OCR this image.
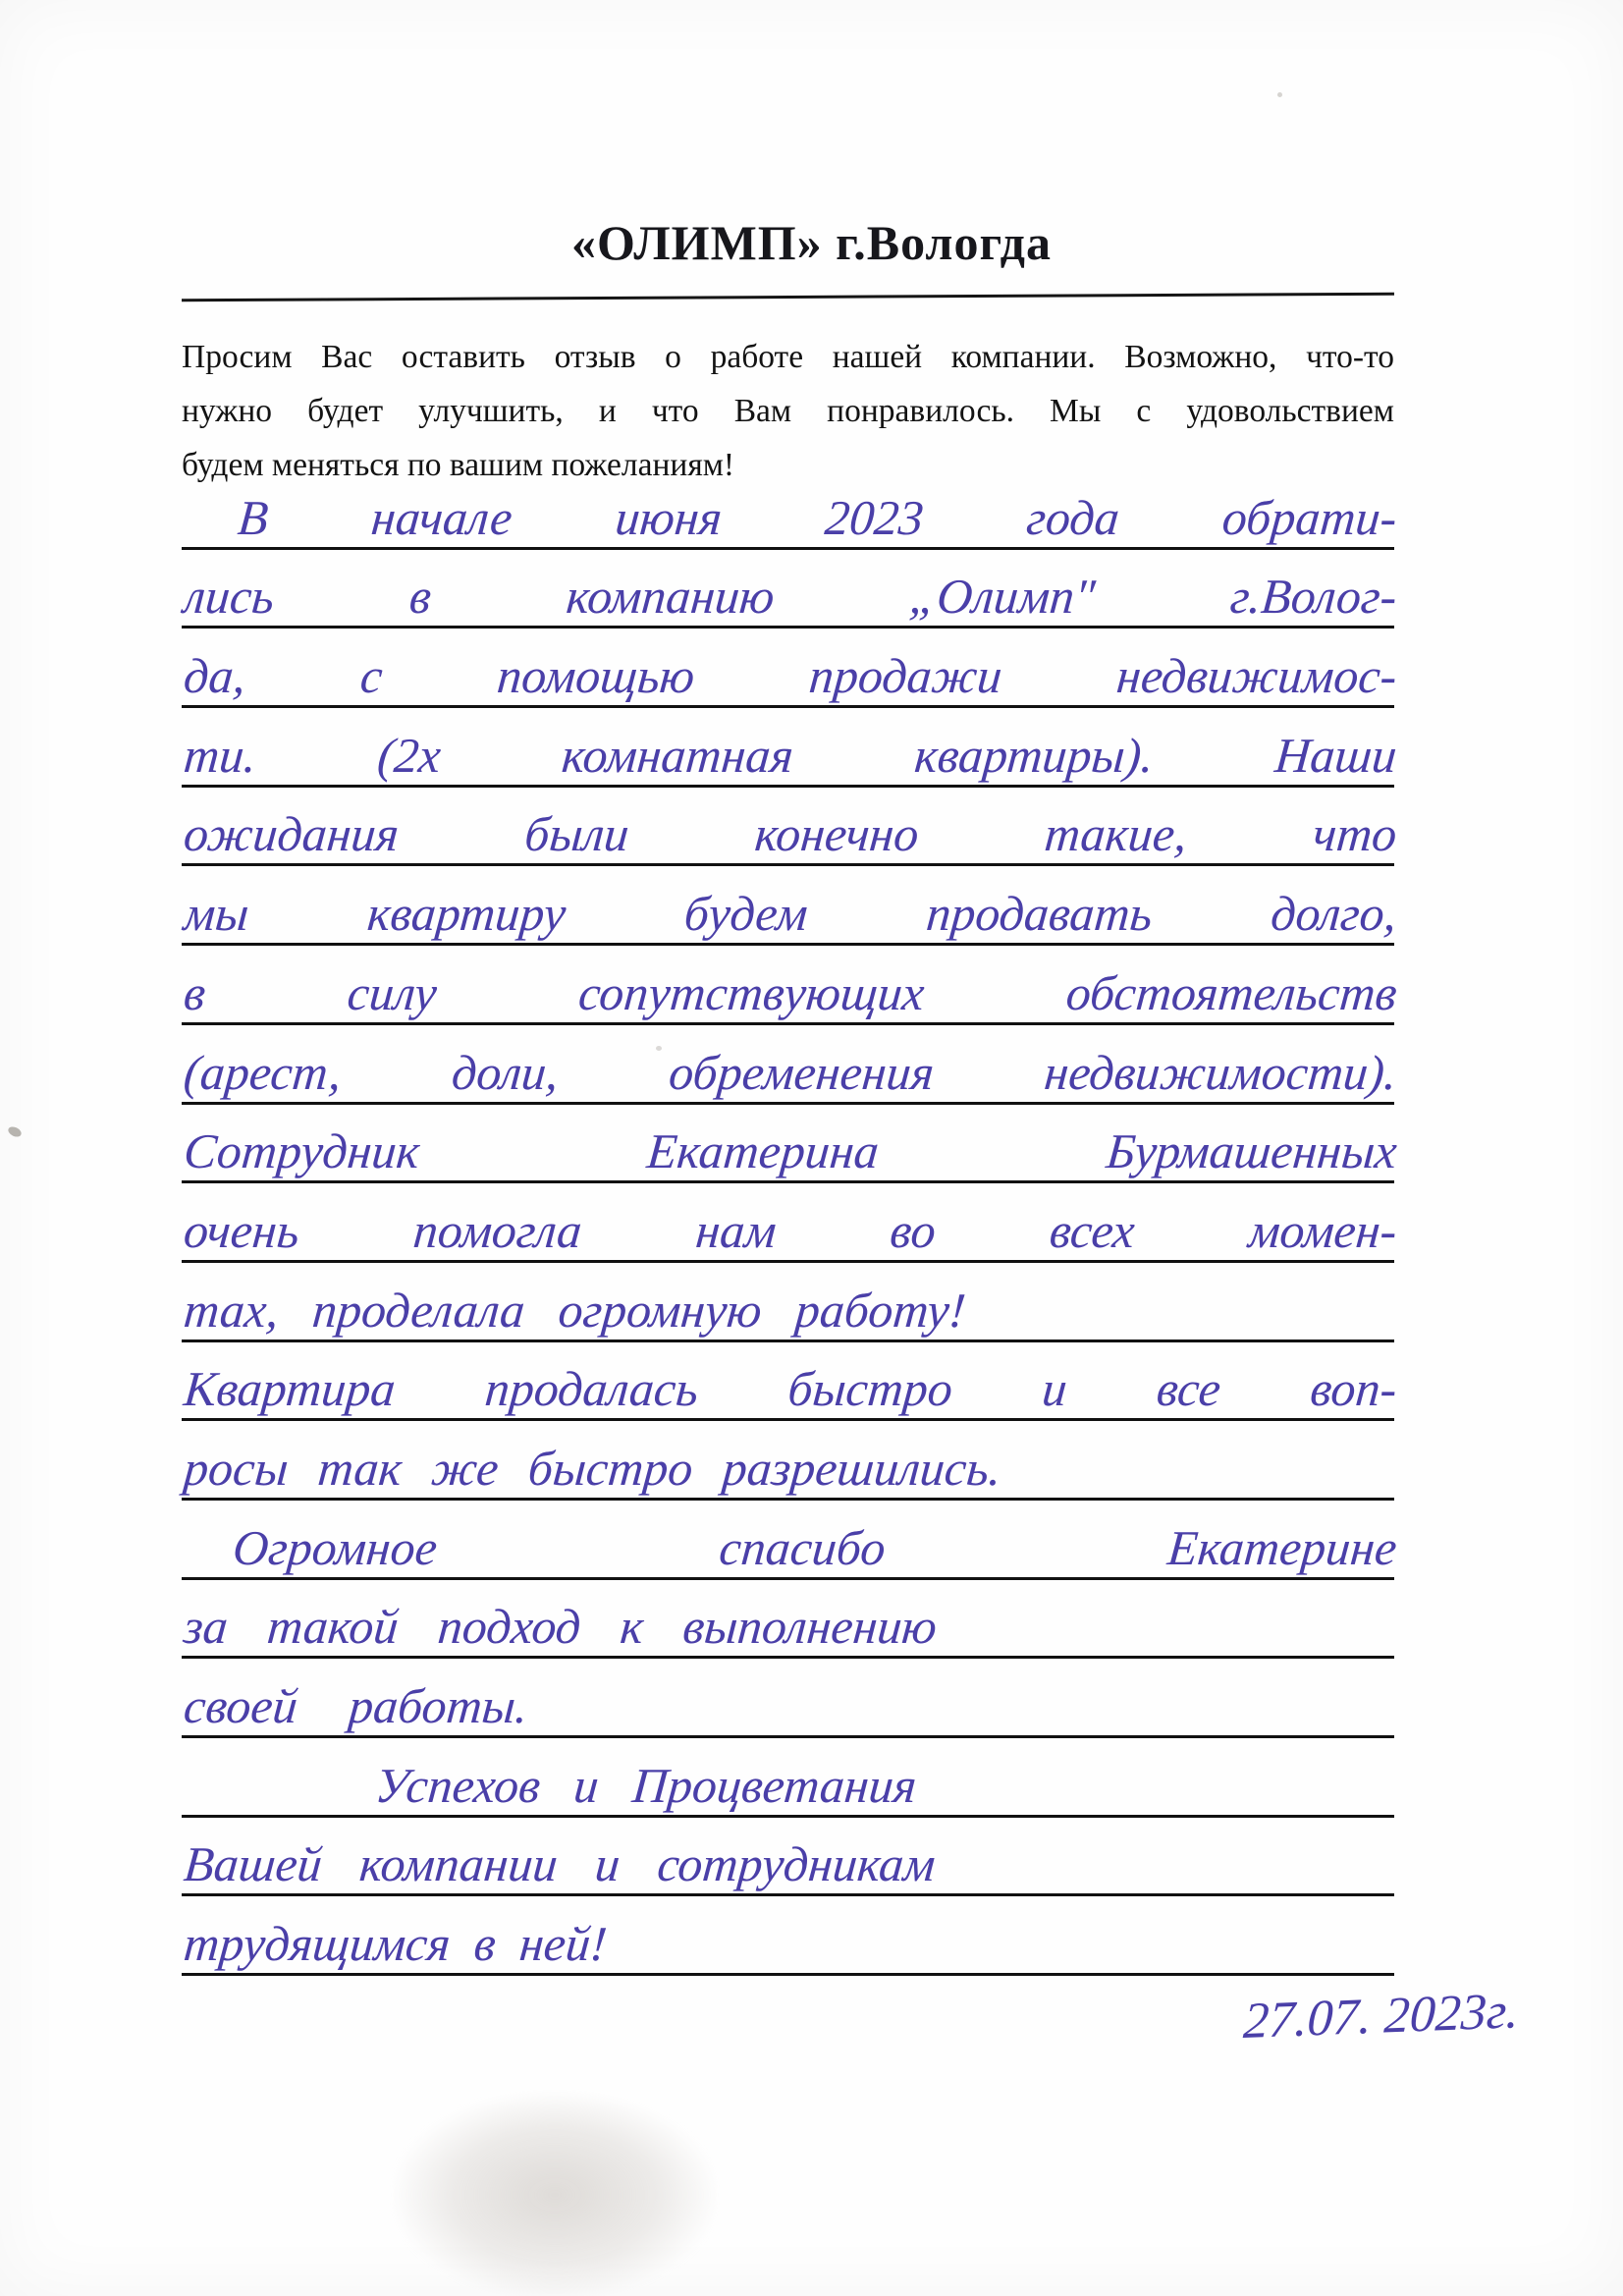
«ОЛИМП» г.Вологда
Просим Вас оставить отзыв о работе нашей компании. Возможно, что-то
нужно будет улучшить, и что Вам понравилось. Мы с удовольствием
будем меняться по вашим пожеланиям!
В начале июня 2023 года обрати-
лись в компанию „Олимп" г.Волог-
да, с помощью продажи недвижимос-
ти. (2х комнатная квартиры). Наши
ожидания были конечно такие, что
мы квартиру будем продавать долго,
в силу сопутствующих обстоятельств
(арест, доли, обременения недвижимости).
Сотрудник Екатерина Бурмашенных
очень помогла нам во всех момен-
тах, проделала огромную работу!
Квартира продалась быстро и все воп-
росы так же быстро разрешились.
Огромное спасибо Екатерине
за такой подход к выполнению
своей работы.
Успехов и Процветания
Вашей компании и сотрудникам
трудящимся в ней!
27.07. 2023г.
